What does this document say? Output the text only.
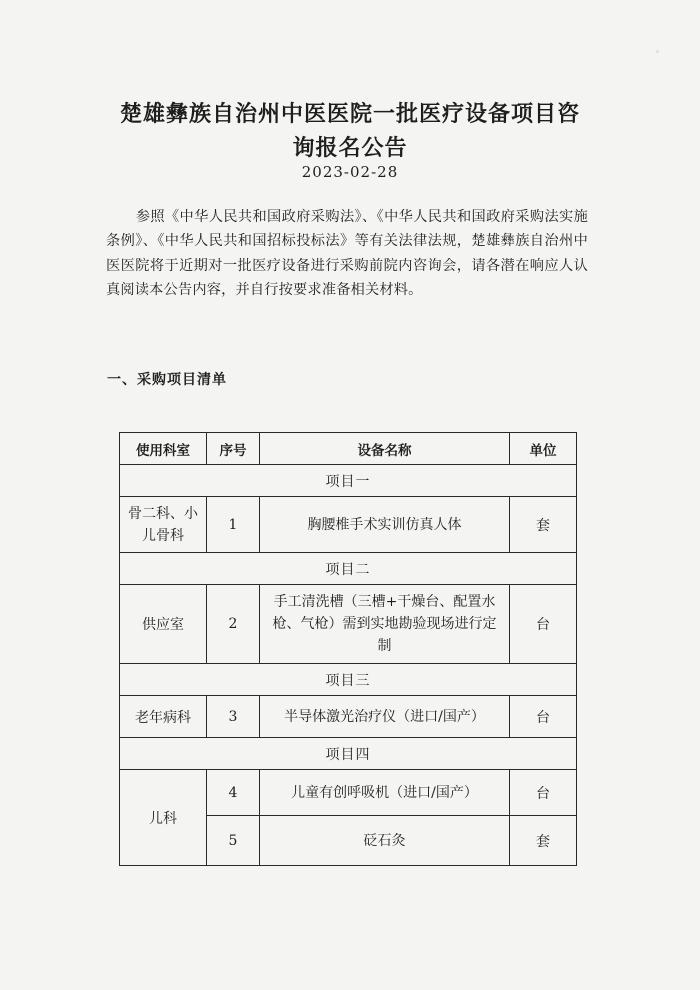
楚雄彝族自治州中医医院一批医疗设备项目咨询报名公告
2023-02-28
参照《中华人民共和国政府采购法》、《中华人民共和国政府采购法实施条例》、《中华人民共和国招标投标法》等有关法律法规，楚雄彝族自治州中医医院将于近期对一批医疗设备进行采购前院内咨询会，请各潜在响应人认真阅读本公告内容，并自行按要求准备相关材料。
一、采购项目清单
使用科室	序号	设备名称	单位
项目一			
骨二科、小儿骨科	1	胸腰椎手术实训仿真人体	套
项目二			
供应室	2	手工清洗槽（三槽+干燥台、配置水枪、气枪）需到实地勘验现场进行定制	台
项目三			
老年病科	3	半导体激光治疗仪（进口/国产）	台
项目四			
儿科	4	儿童有创呼吸机（进口/国产）	台
	5	砭石灸	套
